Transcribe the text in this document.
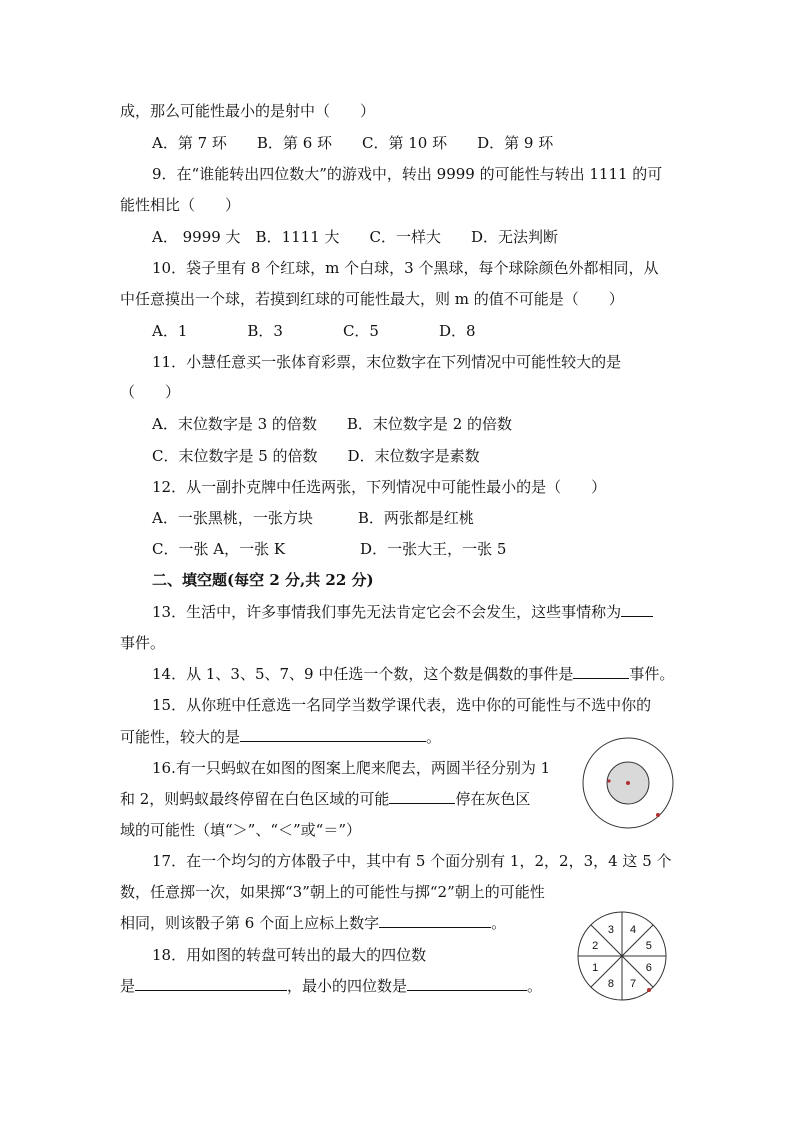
成，那么可能性最小的是射中（　　）
A．第 7 环　　B．第 6 环　　C．第 10 环　　D．第 9 环
9．在“谁能转出四位数大”的游戏中，转出 9999 的可能性与转出 1111 的可
能性相比（　　）
A． 9999 大　B．1111 大　　C．一样大　　D．无法判断
10．袋子里有 8 个红球，m 个白球，3 个黑球，每个球除颜色外都相同，从
中任意摸出一个球，若摸到红球的可能性最大，则 m 的值不可能是（　　）
A．1　　　　B．3　　　　C．5　　　　D．8
11．小慧任意买一张体育彩票，末位数字在下列情况中可能性较大的是
（　　）
A．末位数字是 3 的倍数　　B．末位数字是 2 的倍数
C．末位数字是 5 的倍数　　D．末位数字是素数
12．从一副扑克牌中任选两张，下列情况中可能性最小的是（　　）
A．一张黑桃，一张方块　　　B．两张都是红桃
C．一张 A，一张 K　　　　　D．一张大王，一张 5
二、填空题(每空 2 分,共 22 分)
13．生活中，许多事情我们事先无法肯定它会不会发生，这些事情称为
事件。
14．从 1、3、5、7、9 中任选一个数，这个数是偶数的事件是	事件。
15．从你班中任意选一名同学当数学课代表，选中你的可能性与不选中你的
可能性，较大的是	。
16.有一只蚂蚁在如图的图案上爬来爬去，两圆半径分别为 1
和 2，则蚂蚁最终停留在白色区域的可能	停在灰色区
域的可能性（填“＞”、“＜”或“＝”）
17．在一个均匀的方体骰子中，其中有 5 个面分别有 1，2，2，3，4 这 5 个
数，任意掷一次，如果掷“3”朝上的可能性与掷“2”朝上的可能性
相同，则该骰子第 6 个面上应标上数字	。
18．用如图的转盘可转出的最大的四位数
是	，最小的四位数是	。
4
5
6
7
8
1
2
3
